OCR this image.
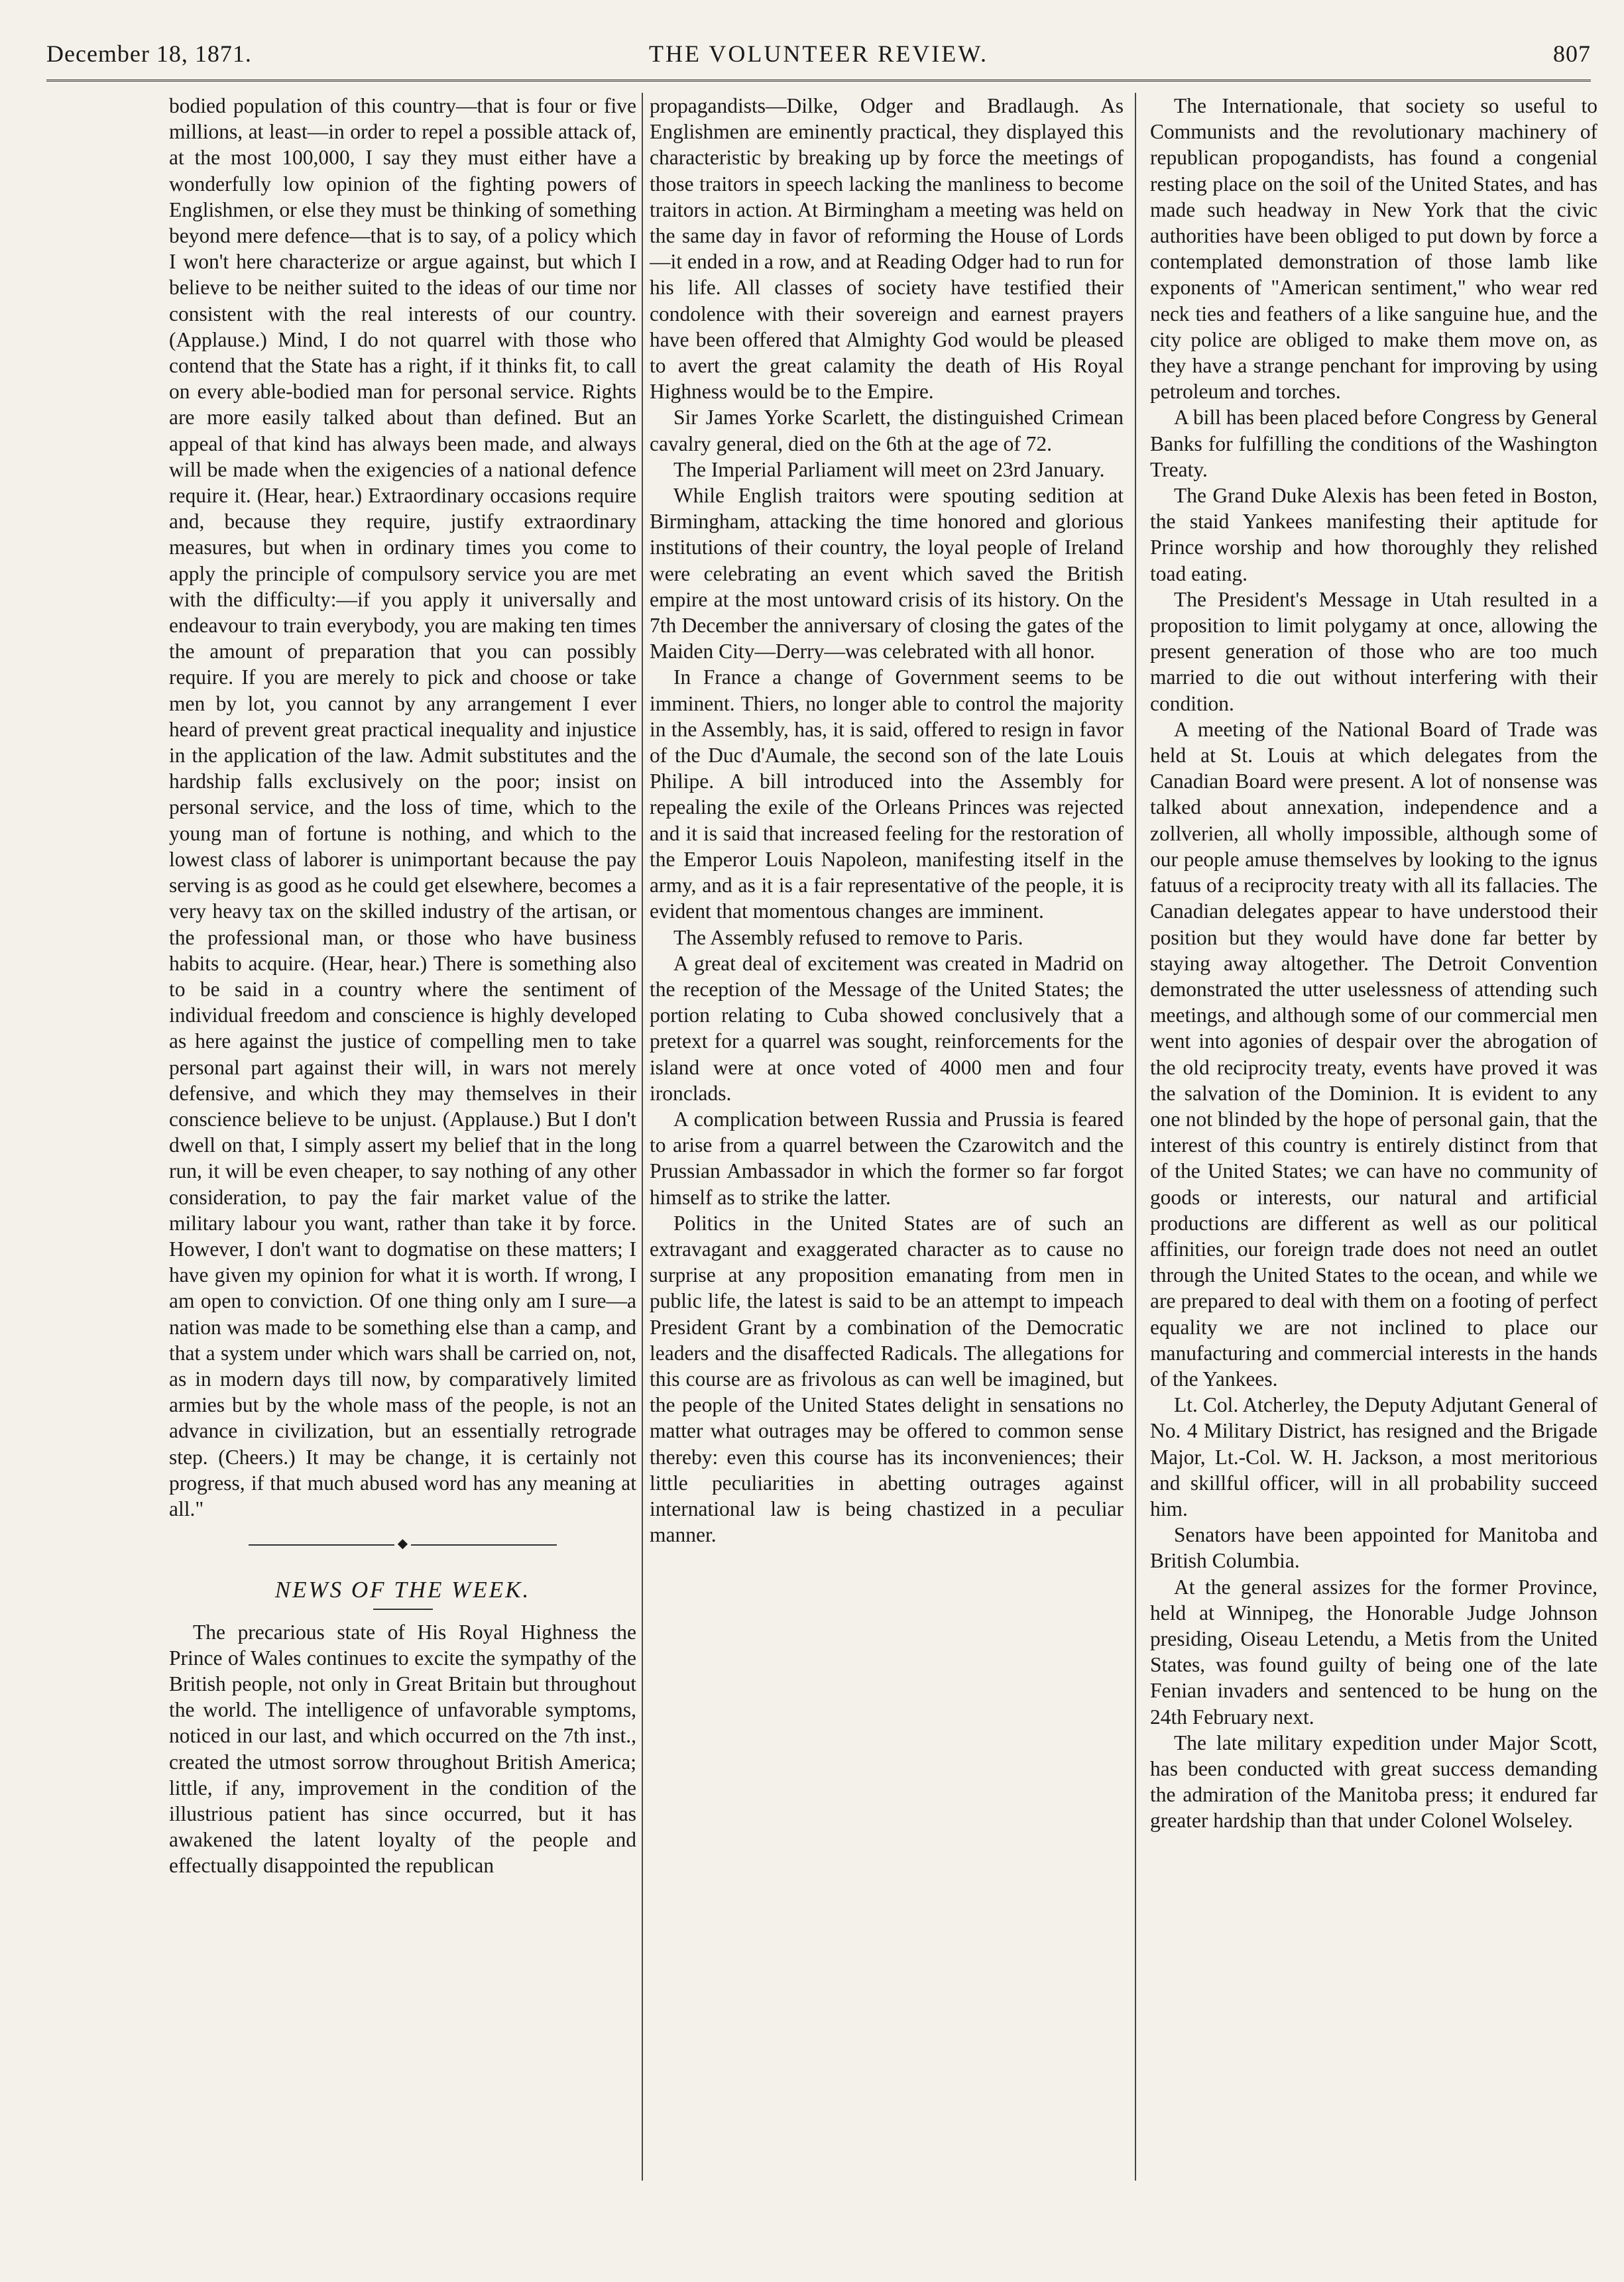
December 18, 1871.	THE VOLUNTEER REVIEW.	807

bodied population of this country—that is four or five millions, at least—in order to repel a possible attack of, at the most 100,000, I say they must either have a wonderfully low opinion of the fighting powers of Englishmen, or else they must be thinking of something beyond mere defence—that is to say, of a policy which I won't here characterize or argue against, but which I believe to be neither suited to the ideas of our time nor consistent with the real interests of our country. (Applause.) Mind, I do not quarrel with those who contend that the State has a right, if it thinks fit, to call on every able-bodied man for personal service. Rights are more easily talked about than defined. But an appeal of that kind has always been made, and always will be made when the exigencies of a national defence require it. (Hear, hear.) Extraordinary occasions require and, because they require, justify extraordinary measures, but when in ordinary times you come to apply the principle of compulsory service you are met with the difficulty:—if you apply it universally and endeavour to train everybody, you are making ten times the amount of preparation that you can possibly require. If you are merely to pick and choose or take men by lot, you cannot by any arrangement I ever heard of prevent great practical inequality and injustice in the application of the law. Admit substitutes and the hardship falls exclusively on the poor; insist on personal service, and the loss of time, which to the young man of fortune is nothing, and which to the lowest class of laborer is unimportant because the pay serving is as good as he could get elsewhere, becomes a very heavy tax on the skilled industry of the artisan, or the professional man, or those who have business habits to acquire. (Hear, hear.) There is something also to be said in a country where the sentiment of individual freedom and conscience is highly developed as here against the justice of compelling men to take personal part against their will, in wars not merely defensive, and which they may themselves in their conscience believe to be unjust. (Applause.) But I don't dwell on that, I simply assert my belief that in the long run, it will be even cheaper, to say nothing of any other consideration, to pay the fair market value of the military labour you want, rather than take it by force. However, I don't want to dogmatise on these matters; I have given my opinion for what it is worth. If wrong, I am open to conviction. Of one thing only am I sure—a nation was made to be something else than a camp, and that a system under which wars shall be carried on, not, as in modern days till now, by comparatively limited armies but by the whole mass of the people, is not an advance in civilization, but an essentially retrograde step. (Cheers.) It may be change, it is certainly not progress, if that much abused word has any meaning at all."

◆
NEWS OF THE WEEK.

The precarious state of His Royal Highness the Prince of Wales continues to excite the sympathy of the British people, not only in Great Britain but throughout the world. The intelligence of unfavorable symptoms, noticed in our last, and which occurred on the 7th inst., created the utmost sorrow throughout British America; little, if any, improvement in the condition of the illustrious patient has since occurred, but it has awakened the latent loyalty of the people and effectually disappointed the republican

propagandists—Dilke, Odger and Bradlaugh. As Englishmen are eminently practical, they displayed this characteristic by breaking up by force the meetings of those traitors in speech lacking the manliness to become traitors in action. At Birmingham a meeting was held on the same day in favor of reforming the House of Lords—it ended in a row, and at Reading Odger had to run for his life. All classes of society have testified their condolence with their sovereign and earnest prayers have been offered that Almighty God would be pleased to avert the great calamity the death of His Royal Highness would be to the Empire.

Sir James Yorke Scarlett, the distinguished Crimean cavalry general, died on the 6th at the age of 72.

The Imperial Parliament will meet on 23rd January.

While English traitors were spouting sedition at Birmingham, attacking the time honored and glorious institutions of their country, the loyal people of Ireland were celebrating an event which saved the British empire at the most untoward crisis of its history. On the 7th December the anniversary of closing the gates of the Maiden City—Derry—was celebrated with all honor.

In France a change of Government seems to be imminent. Thiers, no longer able to control the majority in the Assembly, has, it is said, offered to resign in favor of the Duc d'Aumale, the second son of the late Louis Philipe. A bill introduced into the Assembly for repealing the exile of the Orleans Princes was rejected and it is said that increased feeling for the restoration of the Emperor Louis Napoleon, manifesting itself in the army, and as it is a fair representative of the people, it is evident that momentous changes are imminent.

The Assembly refused to remove to Paris.

A great deal of excitement was created in Madrid on the reception of the Message of the United States; the portion relating to Cuba showed conclusively that a pretext for a quarrel was sought, reinforcements for the island were at once voted of 4000 men and four ironclads.

A complication between Russia and Prussia is feared to arise from a quarrel between the Czarowitch and the Prussian Ambassador in which the former so far forgot himself as to strike the latter.

Politics in the United States are of such an extravagant and exaggerated character as to cause no surprise at any proposition emanating from men in public life, the latest is said to be an attempt to impeach President Grant by a combination of the Democratic leaders and the disaffected Radicals. The allegations for this course are as frivolous as can well be imagined, but the people of the United States delight in sensations no matter what outrages may be offered to common sense thereby: even this course has its inconveniences; their little peculiarities in abetting outrages against international law is being chastized in a peculiar manner.

The Internationale, that society so useful to Communists and the revolutionary machinery of republican propogandists, has found a congenial resting place on the soil of the United States, and has made such headway in New York that the civic authorities have been obliged to put down by force a contemplated demonstration of those lamb like exponents of "American sentiment," who wear red neck ties and feathers of a like sanguine hue, and the city police are obliged to make them move on, as they have a strange penchant for improving by using petroleum and torches.

A bill has been placed before Congress by General Banks for fulfilling the conditions of the Washington Treaty.

The Grand Duke Alexis has been feted in Boston, the staid Yankees manifesting their aptitude for Prince worship and how thoroughly they relished toad eating.

The President's Message in Utah resulted in a proposition to limit polygamy at once, allowing the present generation of those who are too much married to die out without interfering with their condition.

A meeting of the National Board of Trade was held at St. Louis at which delegates from the Canadian Board were present. A lot of nonsense was talked about annexation, independence and a zollverien, all wholly impossible, although some of our people amuse themselves by looking to the ignus fatuus of a reciprocity treaty with all its fallacies. The Canadian delegates appear to have understood their position but they would have done far better by staying away altogether. The Detroit Convention demonstrated the utter uselessness of attending such meetings, and although some of our commercial men went into agonies of despair over the abrogation of the old reciprocity treaty, events have proved it was the salvation of the Dominion. It is evident to any one not blinded by the hope of personal gain, that the interest of this country is entirely distinct from that of the United States; we can have no community of goods or interests, our natural and artificial productions are different as well as our political affinities, our foreign trade does not need an outlet through the United States to the ocean, and while we are prepared to deal with them on a footing of perfect equality we are not inclined to place our manufacturing and commercial interests in the hands of the Yankees.

Lt. Col. Atcherley, the Deputy Adjutant General of No. 4 Military District, has resigned and the Brigade Major, Lt.-Col. W. H. Jackson, a most meritorious and skillful officer, will in all probability succeed him.

Senators have been appointed for Manitoba and British Columbia.

At the general assizes for the former Province, held at Winnipeg, the Honorable Judge Johnson presiding, Oiseau Letendu, a Metis from the United States, was found guilty of being one of the late Fenian invaders and sentenced to be hung on the 24th February next.

The late military expedition under Major Scott, has been conducted with great success demanding the admiration of the Manitoba press; it endured far greater hardship than that under Colonel Wolseley.
